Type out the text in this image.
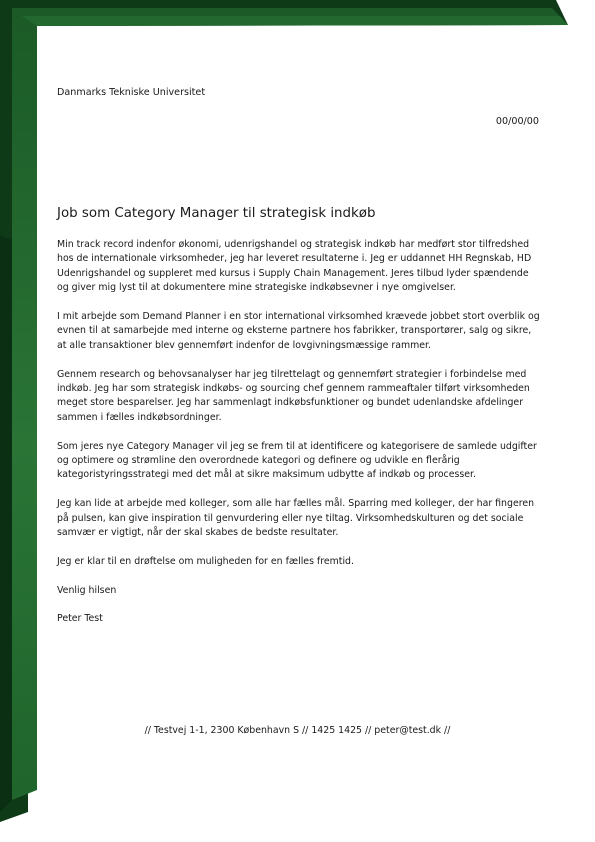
Danmarks Tekniske Universitet
00/00/00
Job som Category Manager til strategisk indkøb

Min track record indenfor økonomi, udenrigshandel og strategisk indkøb har medført stor tilfredshed hos de internationale virksomheder, jeg har leveret resultaterne i. Jeg er uddannet HH Regnskab, HD Udenrigshandel og suppleret med kursus i Supply Chain Management. Jeres tilbud lyder spændende og giver mig lyst til at dokumentere mine strategiske indkøbsevner i nye omgivelser.

I mit arbejde som Demand Planner i en stor international virksomhed krævede jobbet stort overblik og evnen til at samarbejde med interne og eksterne partnere hos fabrikker, transportører, salg og sikre, at alle transaktioner blev gennemført indenfor de lovgivningsmæssige rammer.

Gennem research og behovsanalyser har jeg tilrettelagt og gennemført strategier i forbindelse med indkøb. Jeg har som strategisk indkøbs- og sourcing chef gennem rammeaftaler tilført virksomheden meget store besparelser. Jeg har sammenlagt indkøbsfunktioner og bundet udenlandske afdelinger sammen i fælles indkøbsordninger.

Som jeres nye Category Manager vil jeg se frem til at identificere og kategorisere de samlede udgifter og optimere og strømline den overordnede kategori og definere og udvikle en flerårig kategoristyringsstrategi med det mål at sikre maksimum udbytte af indkøb og processer.

Jeg kan lide at arbejde med kolleger, som alle har fælles mål. Sparring med kolleger, der har fingeren på pulsen, kan give inspiration til genvurdering eller nye tiltag. Virksomhedskulturen og det sociale samvær er vigtigt, når der skal skabes de bedste resultater.

Jeg er klar til en drøftelse om muligheden for en fælles fremtid.

Venlig hilsen

Peter Test

// Testvej 1-1, 2300 København S // 1425 1425 // peter@test.dk //
